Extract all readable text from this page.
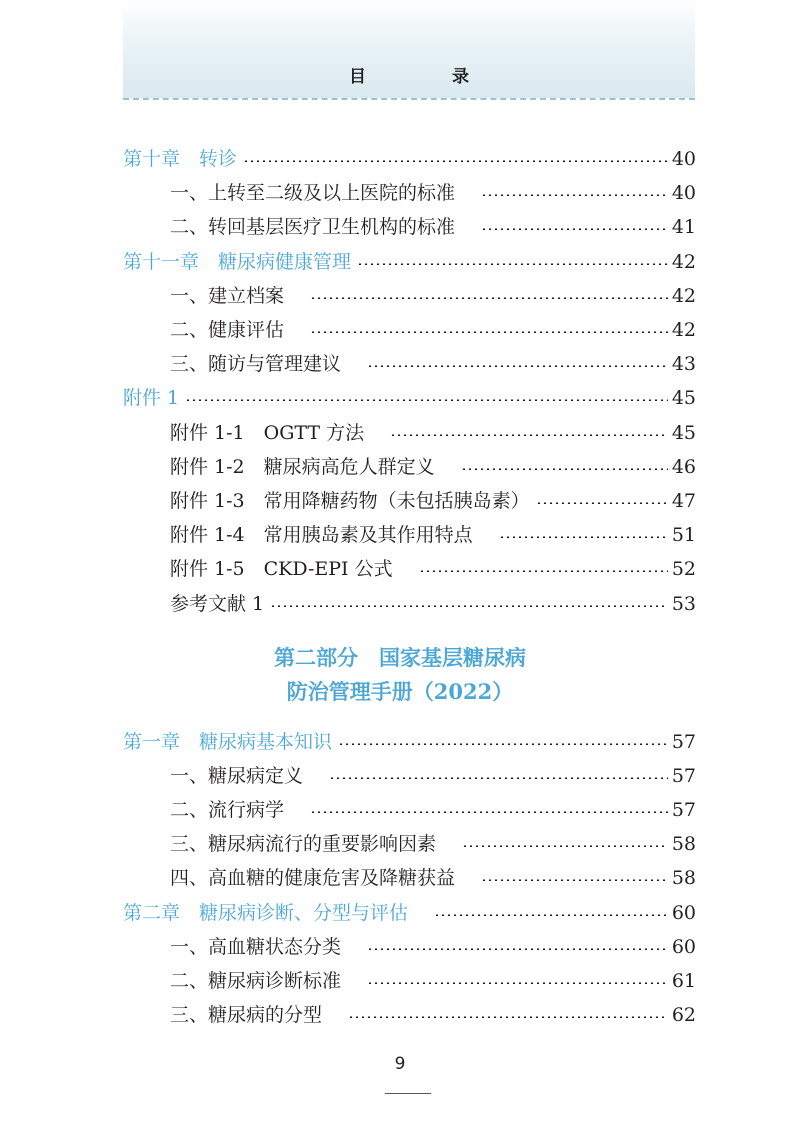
目 录
第十章　转诊	40
一、上转至二级及以上医院的标准	40
二、转回基层医疗卫生机构的标准	41
第十一章　糖尿病健康管理	42
一、建立档案	42
二、健康评估	42
三、随访与管理建议	43
附件 1	45
附件 1-1　OGTT 方法	45
附件 1-2　糖尿病高危人群定义	46
附件 1-3　常用降糖药物（未包括胰岛素）	47
附件 1-4　常用胰岛素及其作用特点	51
附件 1-5　CKD-EPI 公式	52
参考文献 1	53
第二部分　国家基层糖尿病
防治管理手册（2022）
第一章　糖尿病基本知识	57
一、糖尿病定义	57
二、流行病学	57
三、糖尿病流行的重要影响因素	58
四、高血糖的健康危害及降糖获益	58
第二章　糖尿病诊断、分型与评估	60
一、高血糖状态分类	60
二、糖尿病诊断标准	61
三、糖尿病的分型	62
9
